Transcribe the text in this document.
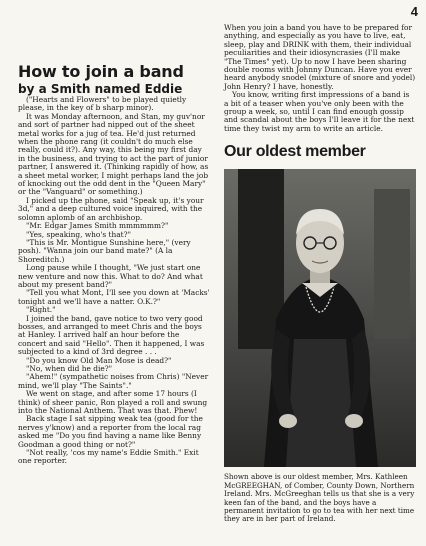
4
How to join a band
by a Smith named Eddie

("Hearts and Flowers" to be played quietly please, in the key of b sharp minor).

It was Monday afternoon, and Stan, my guv'nor and sort of partner had nipped out of the sheet metal works for a jug of tea. He'd just returned when the phone rang (it couldn't do much else really, could it?). Any way, this being my first day in the business, and trying to act the part of junior partner, I answered it. (Thinking rapidly of how, as a sheet metal worker, I might perhaps land the job of knocking out the odd dent in the "Queen Mary" or the "Vanguard" or something.)

I picked up the phone, said "Speak up, it's your 3d," and a deep cultured voice inquired, with the solomn aplomb of an archbishop.

"Mr. Edgar James Smith mmmmmm?"

"Yes, speaking, who's that?"

"This is Mr. Montigue Sunshine here," (very posh). "Wanna join our band mate?" (A la Shoreditch.)

Long pause while I thought, "We just start one new venture and now this. What to do? And what about my present band?"

"Tell you what Mont, I'll see you down at 'Macks' tonight and we'll have a natter. O.K.?"

"Right."

I joined the band, gave notice to two very good bosses, and arranged to meet Chris and the boys at Hanley. I arrived half an hour before the concert and said "Hello". Then it happened, I was subjected to a kind of 3rd degree . . .

"Do you know Old Man Mose is dead?"

"No, when did he die?"

"Ahem!" (sympathetic noises from Chris) "Never mind, we'll play "The Saints"."

We went on stage, and after some 17 hours (I think) of sheer panic, Ron played a roll and swung into the National Anthem. That was that. Phew!

Back stage I sat sipping weak tea (good for the nerves y'know) and a reporter from the local rag asked me "Do you find having a name like Benny Goodman a good thing or not?"

"Not really, 'cos my name's Eddie Smith." Exit one reporter.

When you join a band you have to be prepared for anything, and especially as you have to live, eat, sleep, play and DRINK with them, their individual peculiarities and their idiosyncrasies (I'll make "The Times" yet). Up to now I have been sharing double rooms with Johnny Duncan. Have you ever heard anybody snodel (mixture of snore and yodel) John Henry? I have, honestly.

You know, writing first impressions of a band is a bit of a teaser when you've only been with the group a week, so, until I can find enough gossip and scandal about the boys I'll leave it for the next time they twist my arm to write an article.

Our oldest member

Shown above is our oldest member, Mrs. Kathleen McGREEGHAN, of Comber, County Down, Northern Ireland. Mrs. McGreeghan tells us that she is a very keen fan of the band, and the boys have a permanent invitation to go to tea with her next time they are in her part of Ireland.
